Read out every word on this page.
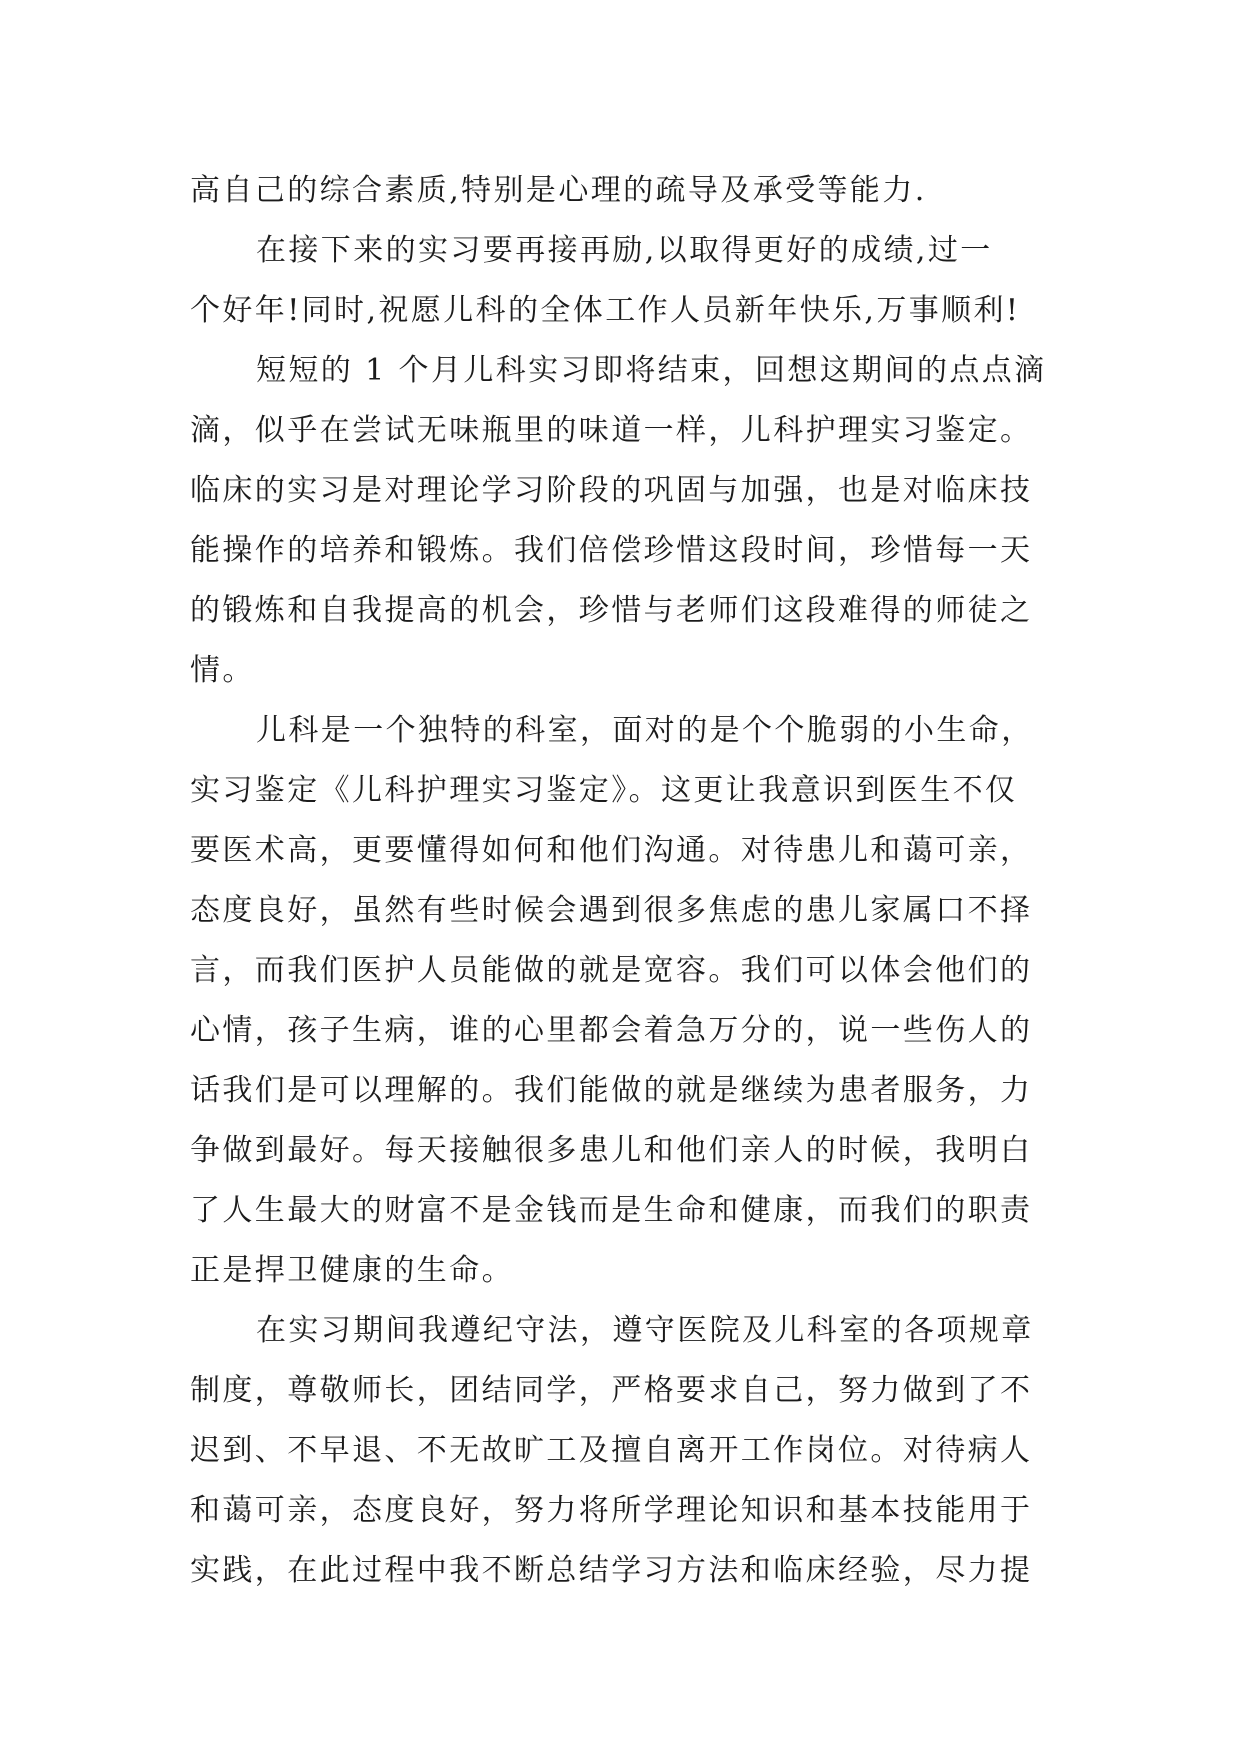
高自己的综合素质,特别是心理的疏导及承受等能力.
在接下来的实习要再接再励,以取得更好的成绩,过一
个好年!同时,祝愿儿科的全体工作人员新年快乐,万事顺利!
短短的 1 个月儿科实习即将结束，回想这期间的点点滴
滴，似乎在尝试无味瓶里的味道一样，儿科护理实习鉴定。
临床的实习是对理论学习阶段的巩固与加强，也是对临床技
能操作的培养和锻炼。我们倍偿珍惜这段时间，珍惜每一天
的锻炼和自我提高的机会，珍惜与老师们这段难得的师徒之
情。
儿科是一个独特的科室，面对的是个个脆弱的小生命，
实习鉴定《儿科护理实习鉴定》。这更让我意识到医生不仅
要医术高，更要懂得如何和他们沟通。对待患儿和蔼可亲，
态度良好，虽然有些时候会遇到很多焦虑的患儿家属口不择
言，而我们医护人员能做的就是宽容。我们可以体会他们的
心情，孩子生病，谁的心里都会着急万分的，说一些伤人的
话我们是可以理解的。我们能做的就是继续为患者服务，力
争做到最好。每天接触很多患儿和他们亲人的时候，我明白
了人生最大的财富不是金钱而是生命和健康，而我们的职责
正是捍卫健康的生命。
在实习期间我遵纪守法，遵守医院及儿科室的各项规章
制度，尊敬师长，团结同学，严格要求自己，努力做到了不
迟到、不早退、不无故旷工及擅自离开工作岗位。对待病人
和蔼可亲，态度良好，努力将所学理论知识和基本技能用于
实践，在此过程中我不断总结学习方法和临床经验，尽力提
